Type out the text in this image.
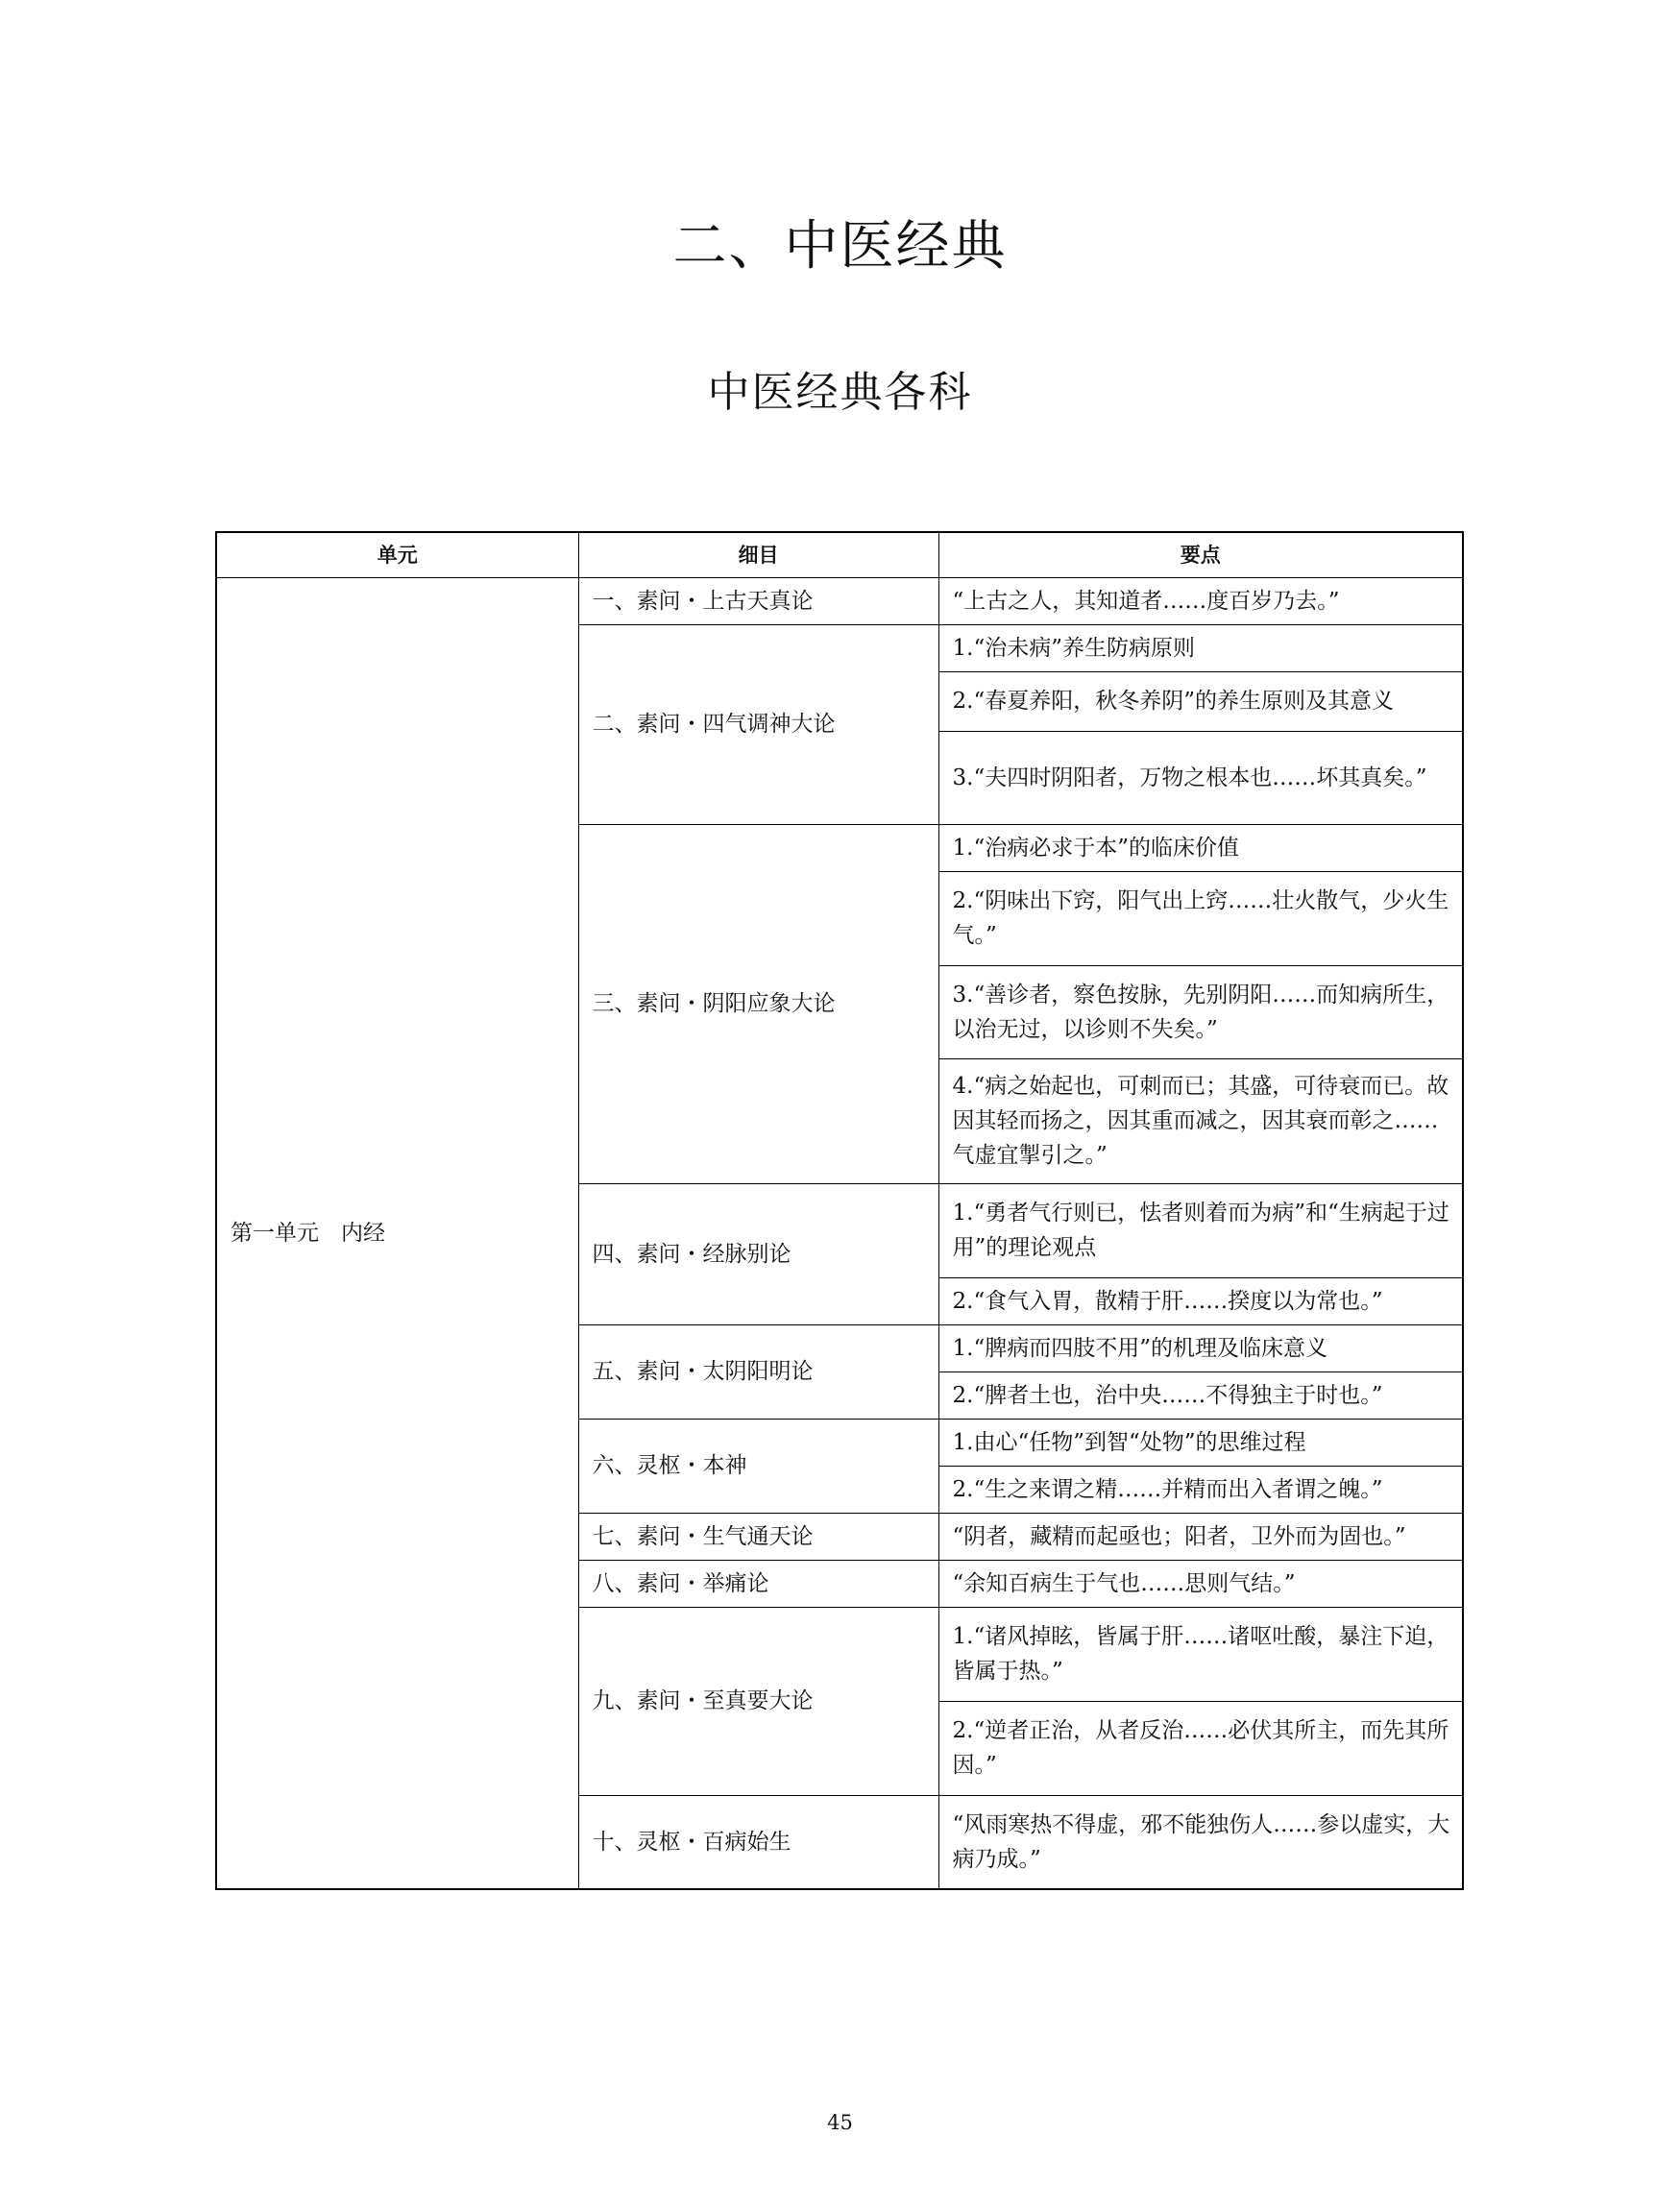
二、中医经典
中医经典各科
单元	细目	要点
第一单元　内经	一、素问・上古天真论	“上古之人，其知道者……度百岁乃去。”
	二、素问・四气调神大论	1.“治未病”养生防病原则
		2.“春夏养阳，秋冬养阴”的养生原则及其意义
		3.“夫四时阴阳者，万物之根本也……坏其真矣。”
	三、素问・阴阳应象大论	1.“治病必求于本”的临床价值
		2.“阴味出下窍，阳气出上窍……壮火散气，少火生气。”
		3.“善诊者，察色按脉，先别阴阳……而知病所生，以治无过，以诊则不失矣。”
		4.“病之始起也，可刺而已；其盛，可待衰而已。故因其轻而扬之，因其重而减之，因其衰而彰之……气虚宜掣引之。”
	四、素问・经脉别论	1.“勇者气行则已，怯者则着而为病”和“生病起于过用”的理论观点
		2.“食气入胃，散精于肝……揆度以为常也。”
	五、素问・太阴阳明论	1.“脾病而四肢不用”的机理及临床意义
		2.“脾者土也，治中央……不得独主于时也。”
	六、灵枢・本神	1.由心“任物”到智“处物”的思维过程
		2.“生之来谓之精……并精而出入者谓之魄。”
	七、素问・生气通天论	“阴者，藏精而起亟也；阳者，卫外而为固也。”
	八、素问・举痛论	“余知百病生于气也……思则气结。”
	九、素问・至真要大论	1.“诸风掉眩，皆属于肝……诸呕吐酸，暴注下迫，皆属于热。”
		2.“逆者正治，从者反治……必伏其所主，而先其所因。”
	十、灵枢・百病始生	“风雨寒热不得虚，邪不能独伤人……参以虚实，大病乃成。”
45
